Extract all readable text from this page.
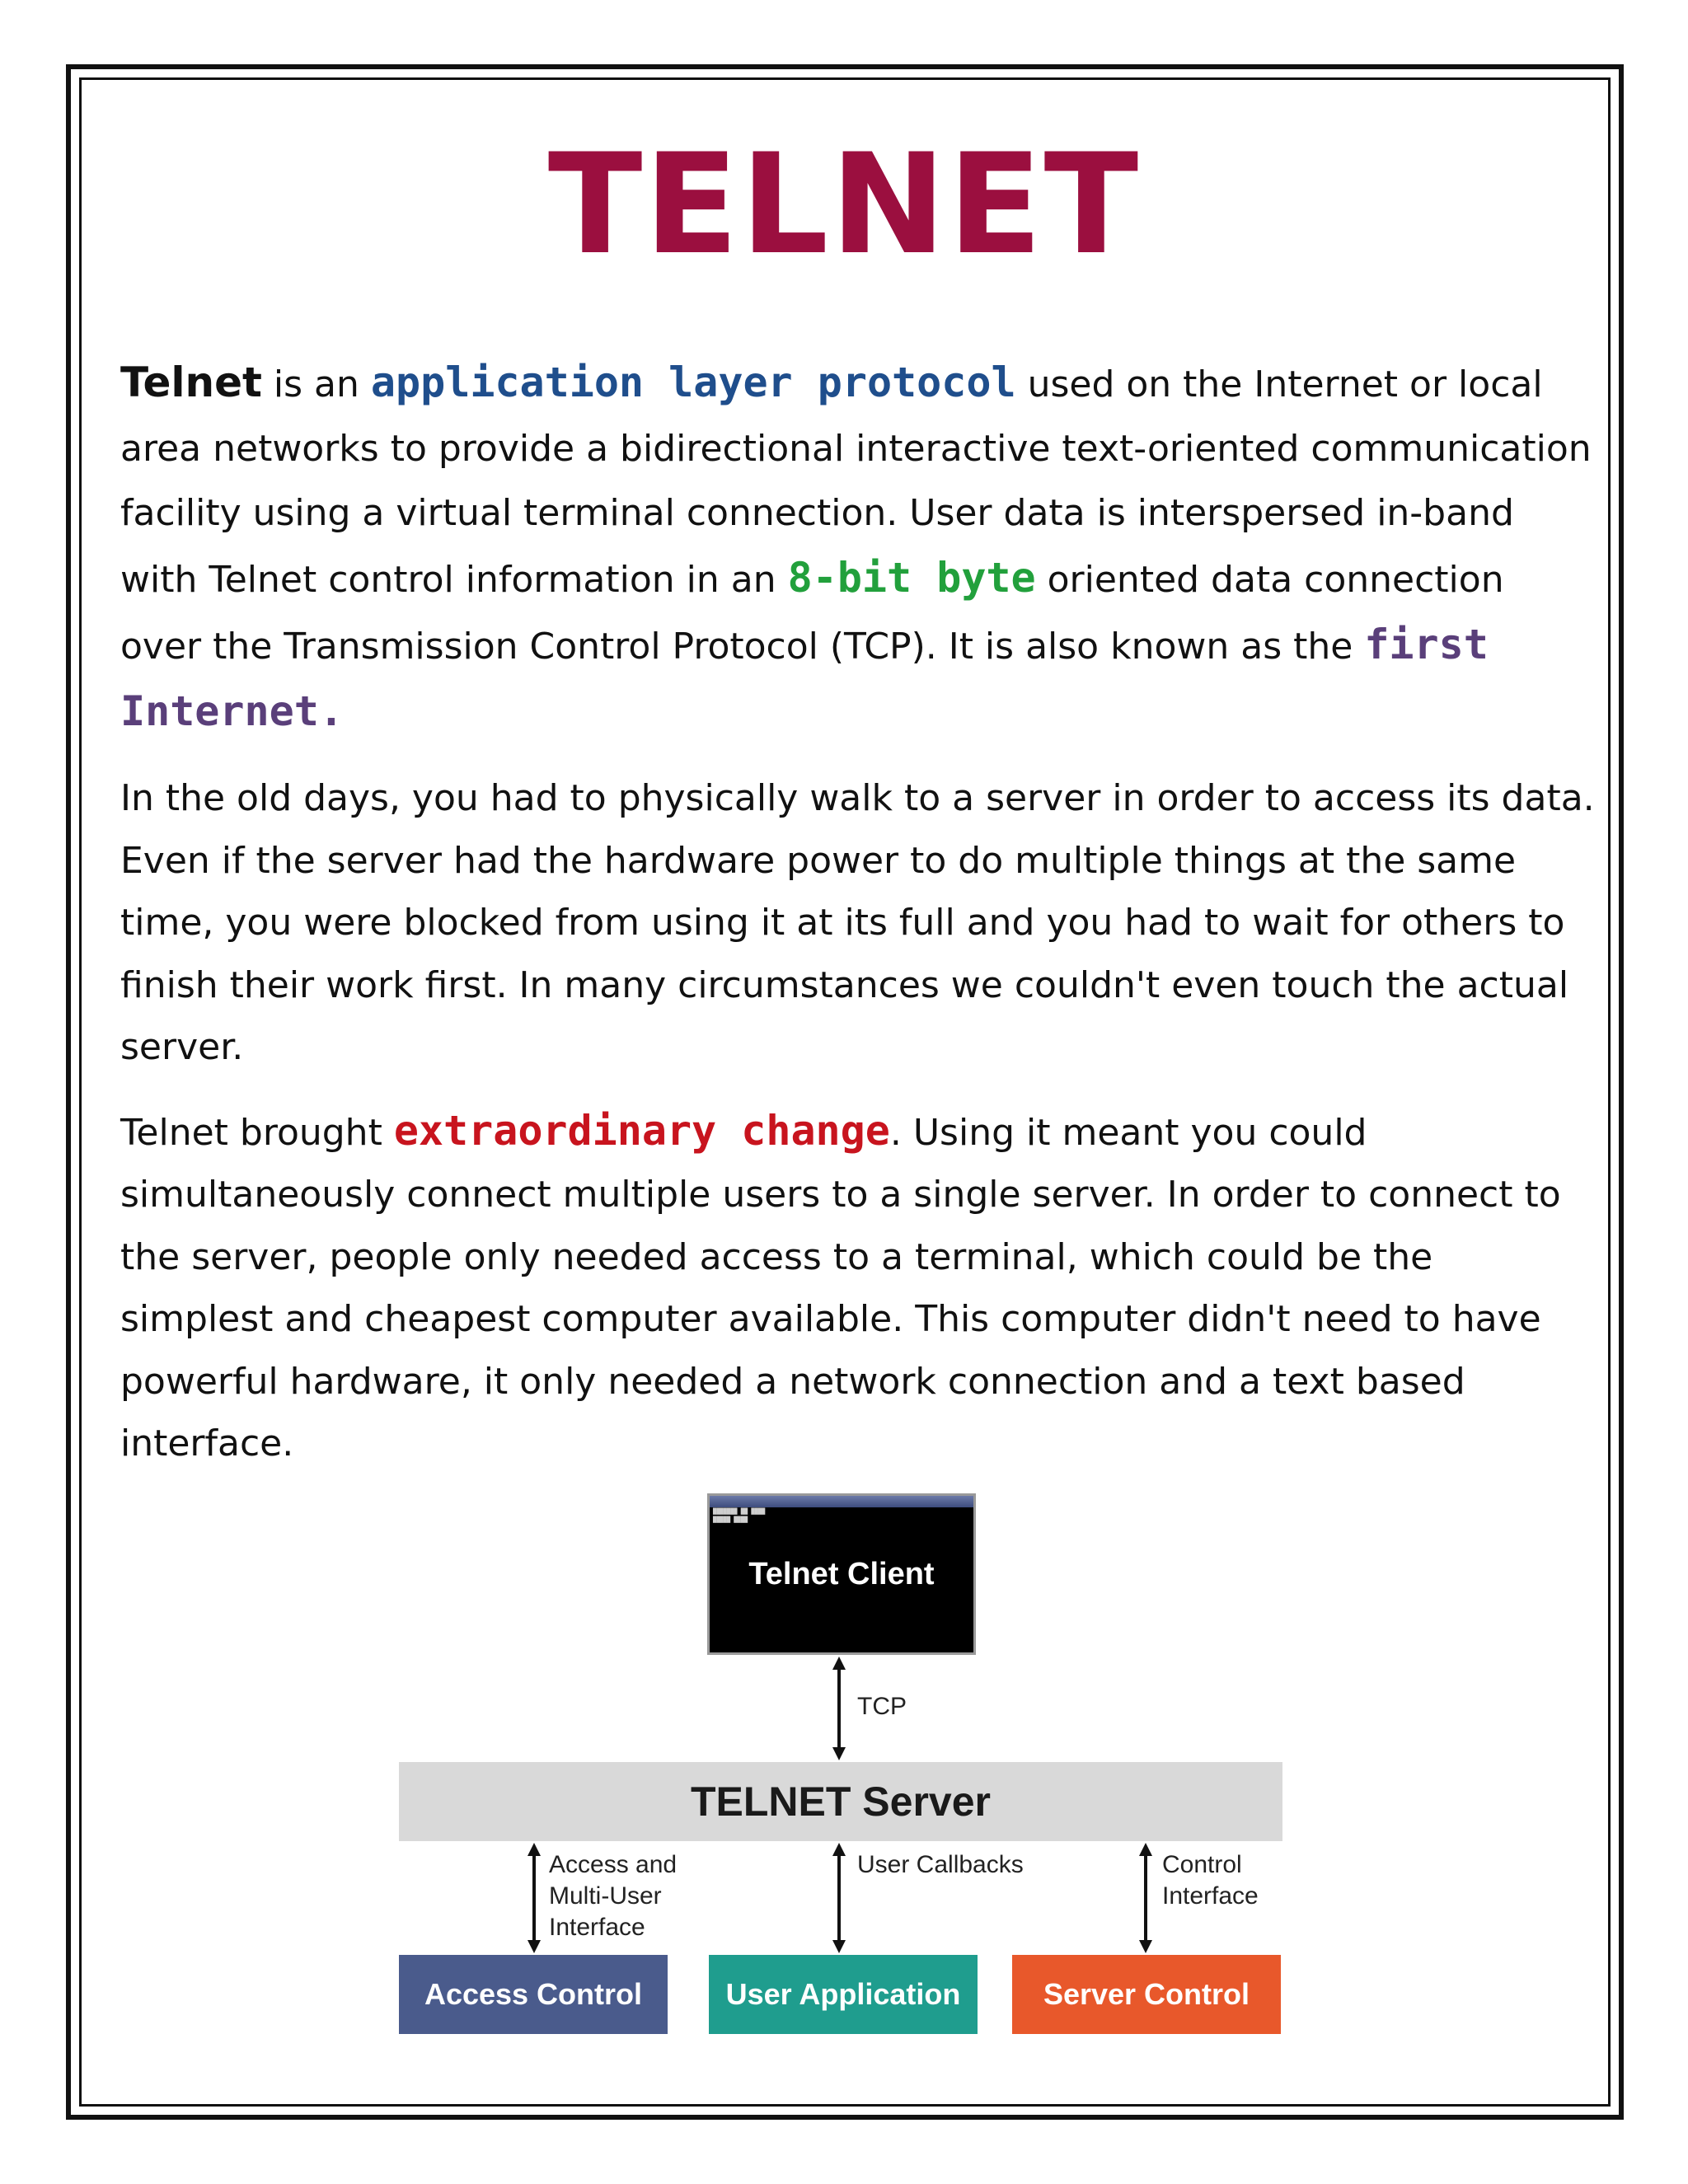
TELNET

Telnet is an application layer protocol used on the Internet or local area networks to provide a bidirectional interactive text-oriented communication facility using a virtual terminal connection. User data is interspersed in-band with Telnet control information in an 8-bit byte oriented data connection over the Transmission Control Protocol (TCP). It is also known as the first Internet.

In the old days, you had to physically walk to a server in order to access its data. Even if the server had the hardware power to do multiple things at the same time, you were blocked from using it at its full and you had to wait for others to finish their work first. In many circumstances we couldn't even touch the actual server.

Telnet brought extraordinary change. Using it meant you could simultaneously connect multiple users to a single server. In order to connect to the server, people only needed access to a terminal, which could be the simplest and cheapest computer available. This computer didn't need to have powerful hardware, it only needed a network connection and a text based interface.

███████ ██ ████
█████ ████
Telnet Client
TCP
TELNET Server
Access and
Multi-User
Interface
User Callbacks	Control
Interface
Access Control	User Application	Server Control
